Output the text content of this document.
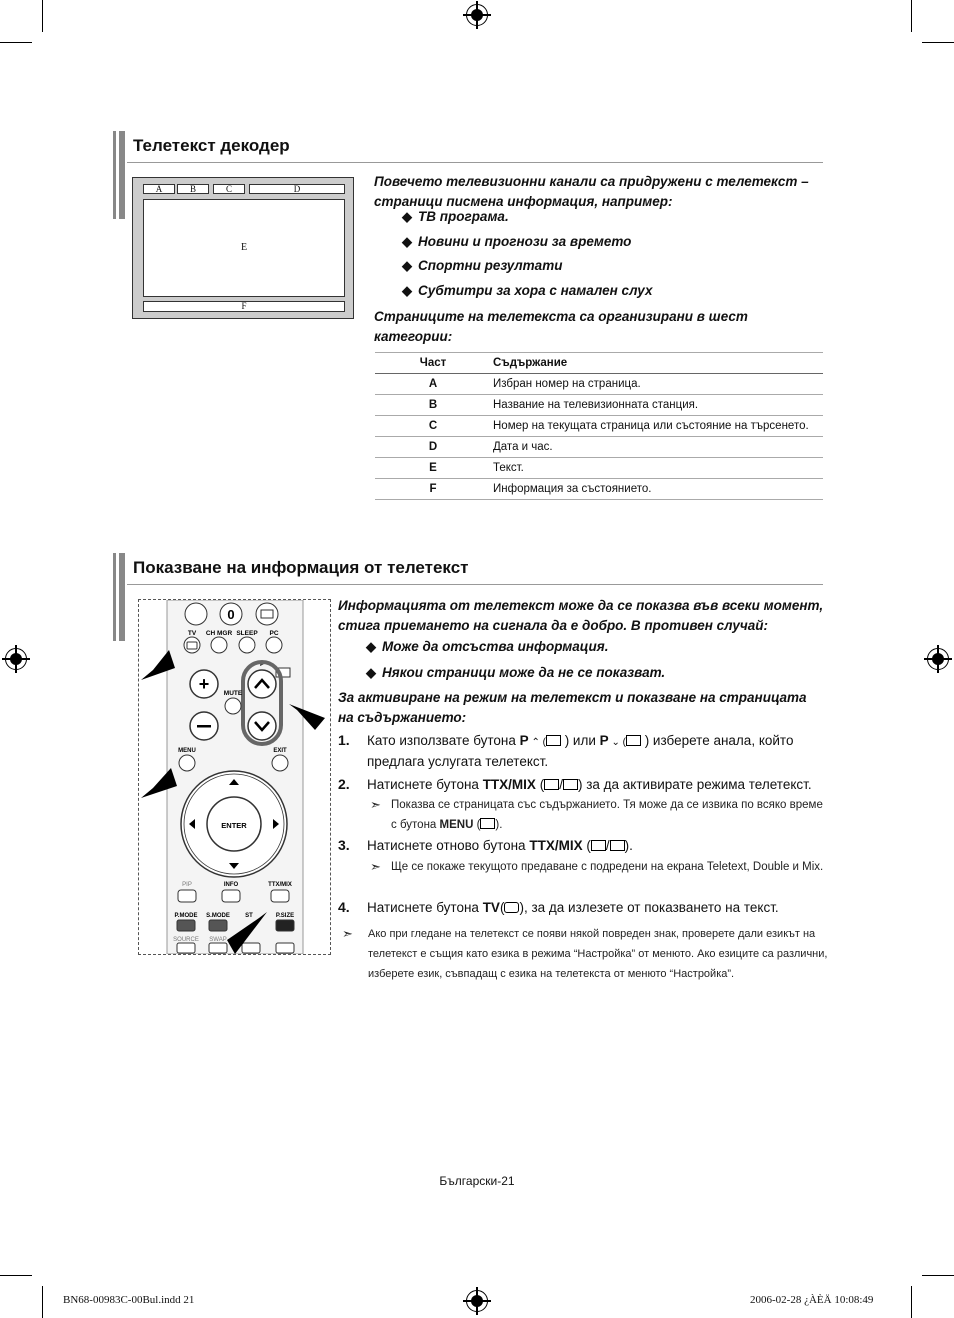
Телетекст декодер
A	B	C	D
E
F
Повечето телевизионни канали са придружени с телетекст – страници писмена информация, например:
◆ ТВ програма.
◆ Новини и прогнози за времето
◆ Спортни резултати
◆ Субтитри за хора с намален слух
Страниците на телетекста са организирани в шест категории:
Част	Съдържание
A	Избран номер на страница.
B	Название на телевизионната станция.
C	Номер на текущата страница или състояние на търсенето.
D	Дата и час.
E	Текст.
F	Информация за състоянието.
Показване на информация от телетекст
0
TV CH MGR SLEEP PC
P
+ MUTE
MENU	EXIT
ENTER
PIP	INFO	TTX/MIX
P.MODE S.MODE	ST	P.SIZE
SOURCE SWAP
Информацията от телетекст може да се показва във всеки момент, стига приемането на сигнала да е добро. В противен случай:
◆ Може да отсъства информация.
◆ Някои страници може да не се показват.
За активиране на режим на телетекст и показване на страницата на съдържанието:
1. Като използвате бутона P ⌃ ( ) или P ⌄ ( ) изберете анала, който предлага услугата телетекст.
2. Натиснете бутона TTX/MIX ( / ) за да активирате режима телетекст.
➣ Показва се страницата със съдържанието. Тя може да се извика по всяко време с бутона MENU ( ).
3. Натиснете отново бутона TTX/MIX ( / ).
➣ Ще се покаже текущото предаване с подредени на екрана Teletext, Double и Mix.
4. Натиснете бутона TV( ), за да излезете от показването на текст.
➣ Ако при гледане на телетекст се появи някой повреден знак, проверете дали езикът на телетекст е същия като езика в режима “Настройка” от менюто. Ако езиците са различни, изберете език, съвпадащ с езика на телетекста от менюто “Настройка”.
Български-21
BN68-00983C-00Bul.indd 21	2006-02-28 ¿ÀÈÄ 10:08:49
